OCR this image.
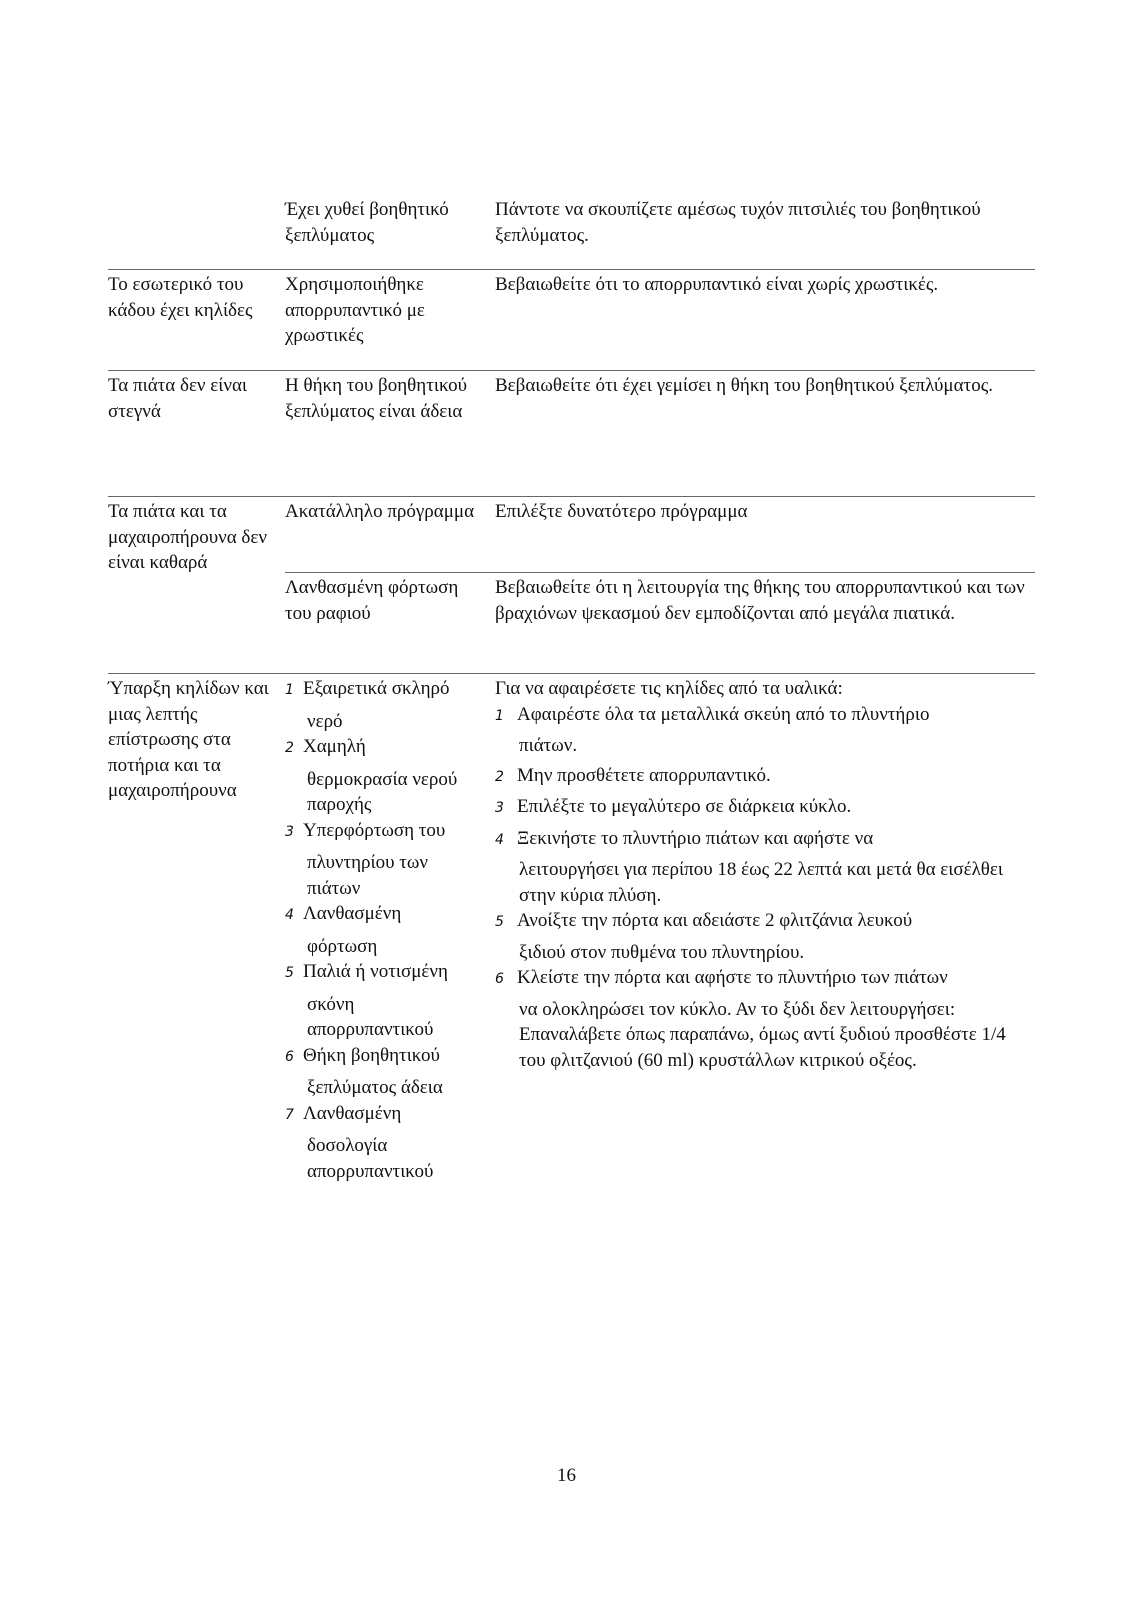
Έχει χυθεί βοηθητικό ξεπλύματος

Πάντοτε να σκουπίζετε αμέσως τυχόν πιτσιλιές του βοηθητικού ξεπλύματος.

Το εσωτερικό του κάδου έχει κηλίδες

Χρησιμοποιήθηκε απορρυπαντικό με χρωστικές

Βεβαιωθείτε ότι το απορρυπαντικό είναι χωρίς χρωστικές.

Τα πιάτα δεν είναι στεγνά

Η θήκη του βοηθητικού ξεπλύματος είναι άδεια

Βεβαιωθείτε ότι έχει γεμίσει η θήκη του βοηθητικού ξεπλύματος.

Τα πιάτα και τα μαχαιροπήρουνα δεν είναι καθαρά

Ακατάλληλο πρόγραμμα Επιλέξτε δυνατότερο πρόγραμμα

Λανθασμένη φόρτωση του ραφιού

Βεβαιωθείτε ότι η λειτουργία της θήκης του απορρυπαντικού και των βραχιόνων ψεκασμού δεν εμποδίζονται από μεγάλα πιατικά.

Ύπαρξη κηλίδων και μιας λεπτής επίστρωσης στα ποτήρια και τα μαχαιροπήρουνα

1 Εξαιρετικά σκληρό
νερό
2 Χαμηλή
θερμοκρασία νερού παροχής
3 Υπερφόρτωση του
πλυντηρίου των πιάτων
4 Λανθασμένη
φόρτωση
5 Παλιά ή νοτισμένη
σκόνη απορρυπαντικού
6 Θήκη βοηθητικού
ξεπλύματος άδεια
7 Λανθασμένη
δοσολογία απορρυπαντικού

Για να αφαιρέσετε τις κηλίδες από τα υαλικά:

1 Αφαιρέστε όλα τα μεταλλικά σκεύη από το πλυντήριο
πιάτων.
2 Μην προσθέτετε απορρυπαντικό.
3 Επιλέξτε το μεγαλύτερο σε διάρκεια κύκλο.
4 Ξεκινήστε το πλυντήριο πιάτων και αφήστε να
λειτουργήσει για περίπου 18 έως 22 λεπτά και μετά θα εισέλθει στην κύρια πλύση.
5 Ανοίξτε την πόρτα και αδειάστε 2 φλιτζάνια λευκού
ξιδιού στον πυθμένα του πλυντηρίου.
6 Κλείστε την πόρτα και αφήστε το πλυντήριο των πιάτων
να ολοκληρώσει τον κύκλο. Αν το ξύδι δεν λειτουργήσει: Επαναλάβετε όπως παραπάνω, όμως αντί ξυδιού προσθέστε 1/4 του φλιτζανιού (60 ml) κρυστάλλων κιτρικού οξέος.
16
